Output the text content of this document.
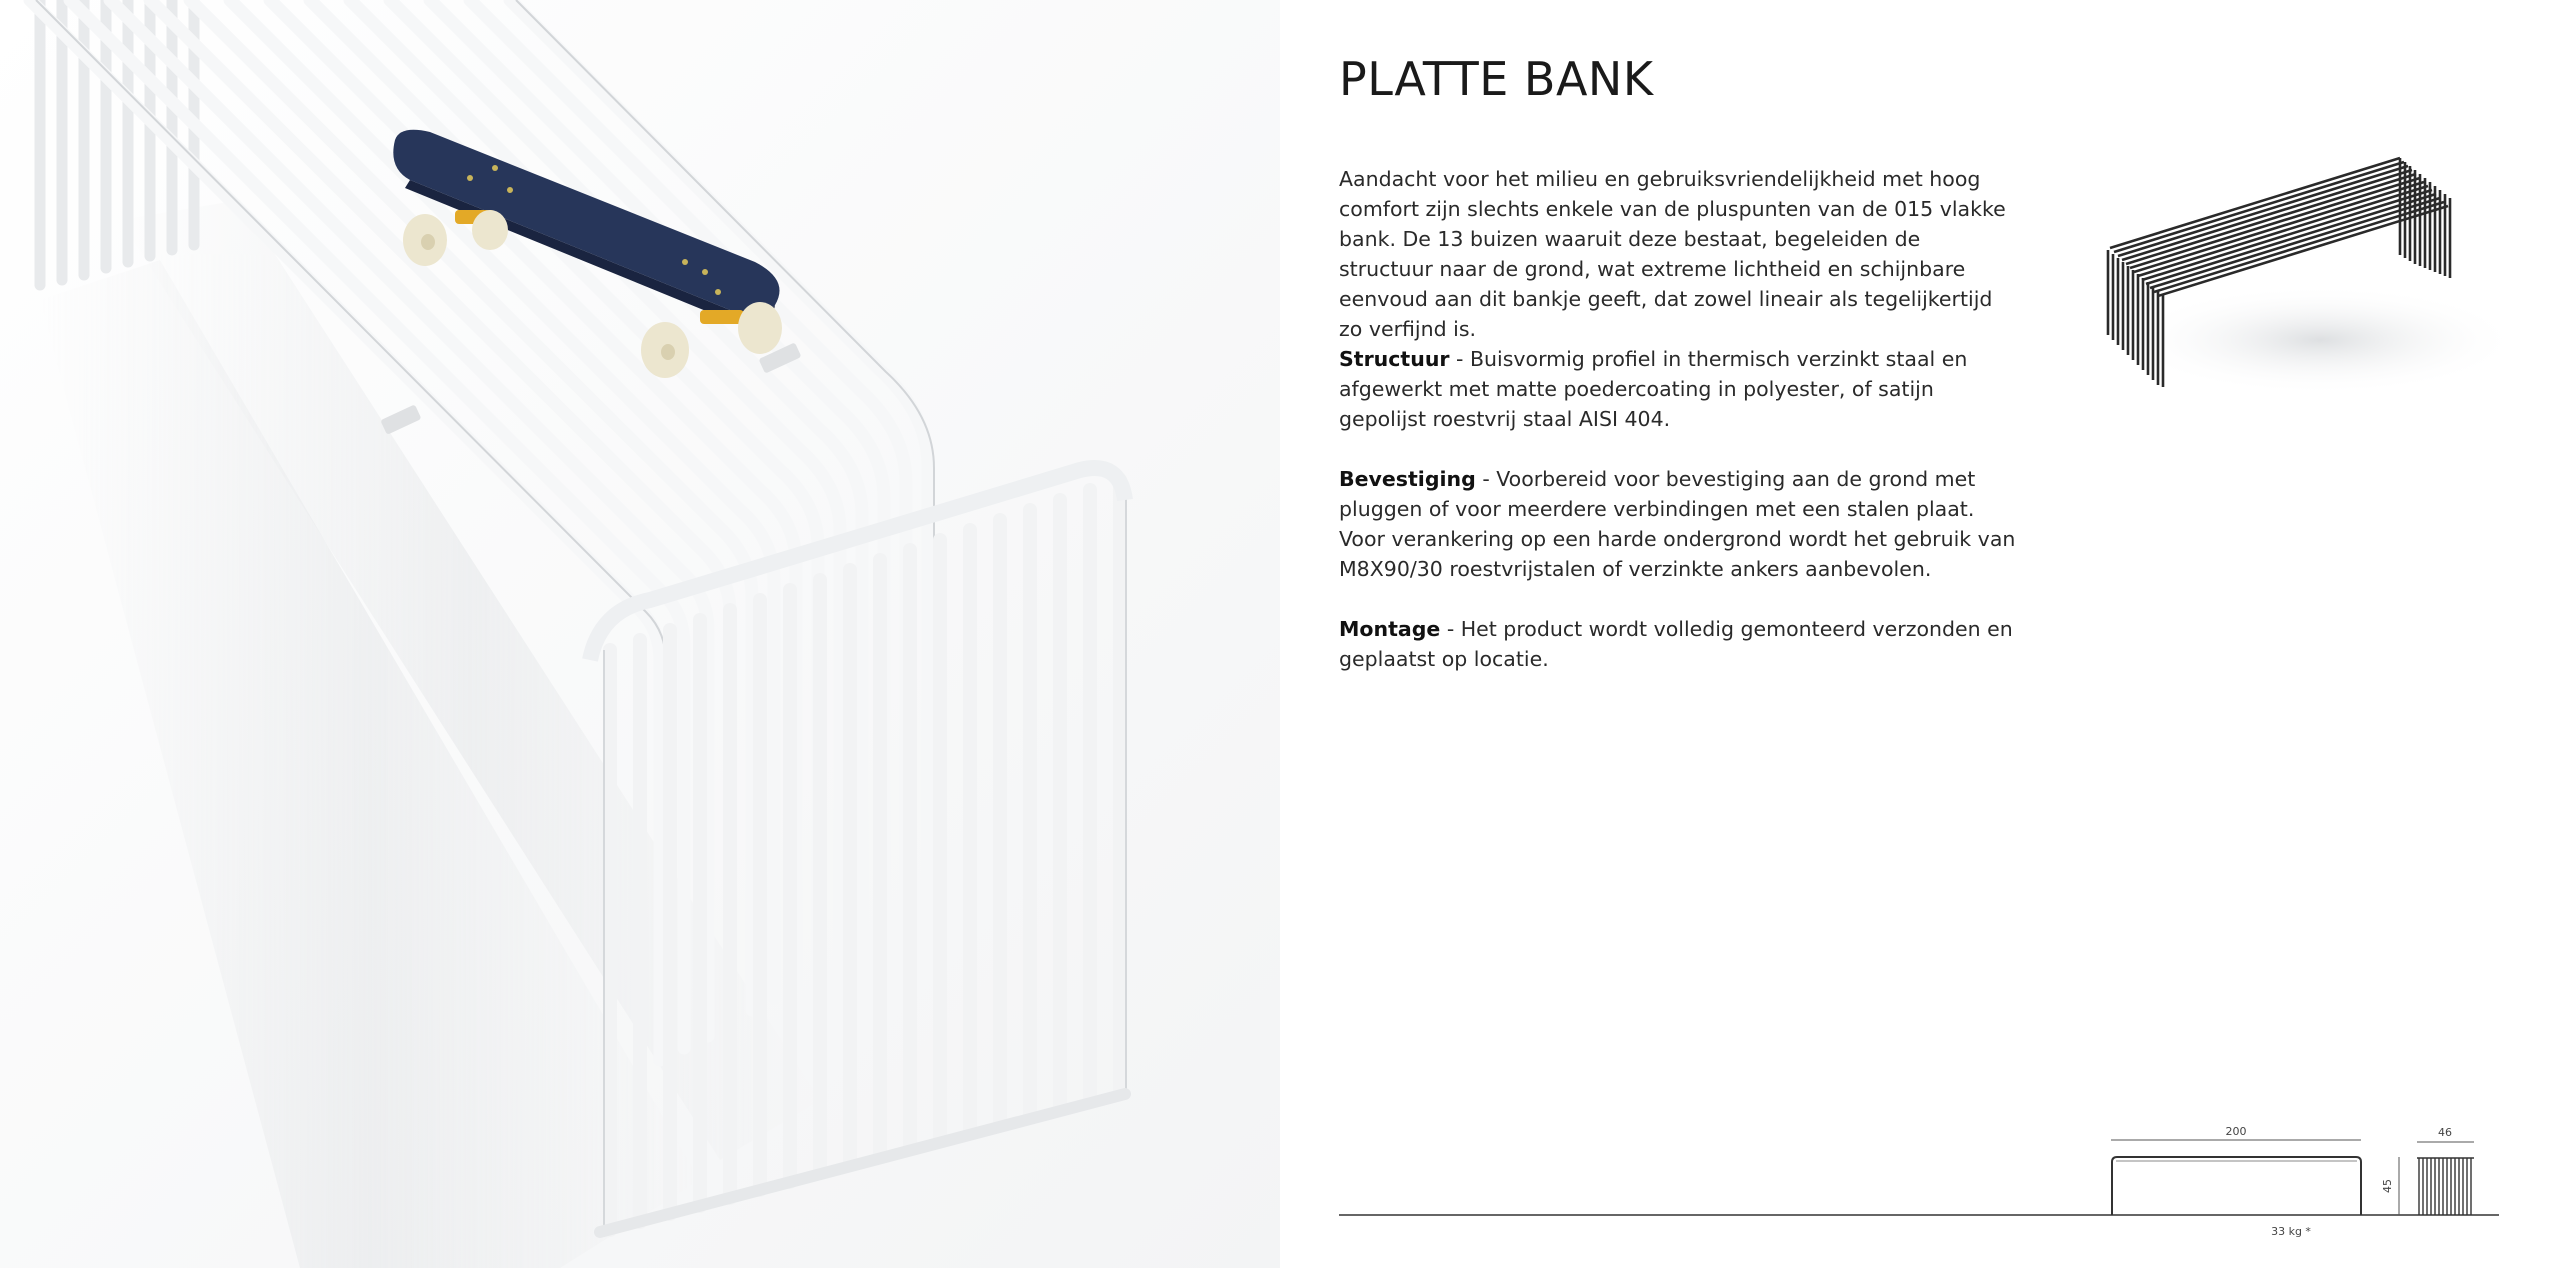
PLATTE BANK
Aandacht voor het milieu en gebruiksvriendelijkheid met hoog comfort zijn slechts enkele van de pluspunten van de 015 vlakke bank. De 13 buizen waaruit deze bestaat, begeleiden de structuur naar de grond, wat extreme lichtheid en schijnbare eenvoud aan dit bankje geeft, dat zowel lineair als tegelijkertijd zo verfijnd is.
Structuur - Buisvormig profiel in thermisch verzinkt staal en afgewerkt met matte poedercoating in polyester, of satijn gepolijst roestvrij staal AISI 404.
Bevestiging - Voorbereid voor bevestiging aan de grond met pluggen of voor meerdere verbindingen met een stalen plaat. Voor verankering op een harde ondergrond wordt het gebruik van M8X90/30 roestvrijstalen of verzinkte ankers aanbevolen.
Montage - Het product wordt volledig gemonteerd verzonden en geplaatst op locatie.
200
45
46
33 kg *
